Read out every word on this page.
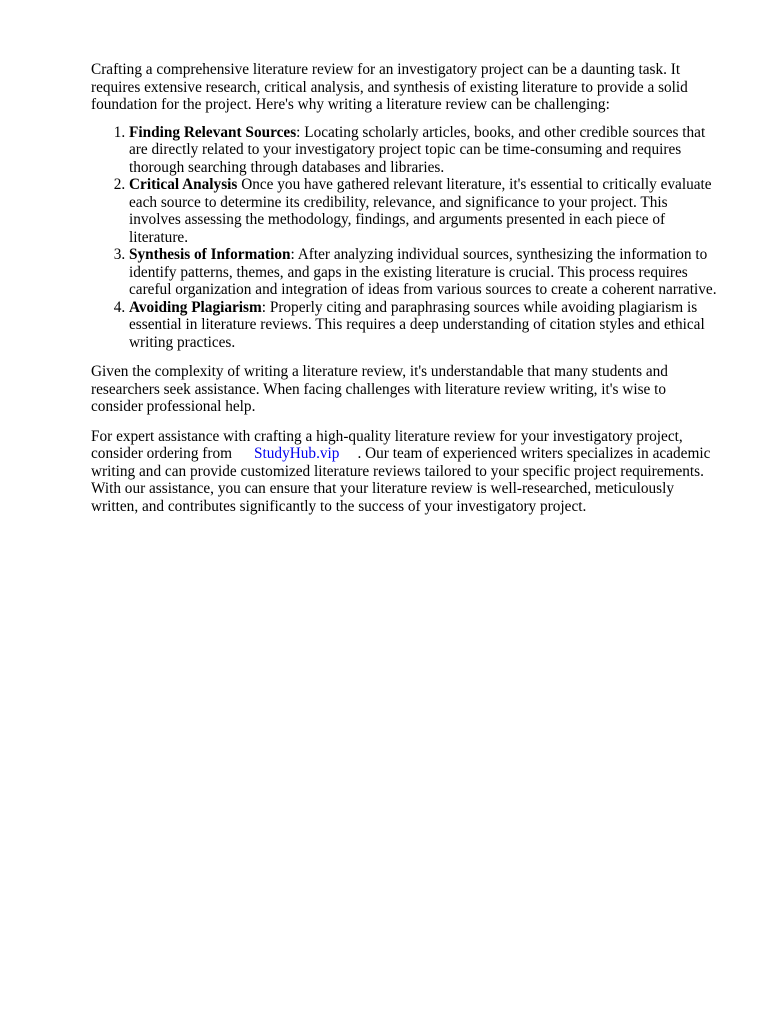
Crafting a comprehensive literature review for an investigatory project can be a daunting task. It requires extensive research, critical analysis, and synthesis of existing literature to provide a solid foundation for the project. Here's why writing a literature review can be challenging:

1. Finding Relevant Sources: Locating scholarly articles, books, and other credible sources that are directly related to your investigatory project topic can be time-consuming and requires thorough searching through databases and libraries.
2. Critical Analysis Once you have gathered relevant literature, it's essential to critically evaluate each source to determine its credibility, relevance, and significance to your project. This involves assessing the methodology, findings, and arguments presented in each piece of literature.
3. Synthesis of Information: After analyzing individual sources, synthesizing the information to identify patterns, themes, and gaps in the existing literature is crucial. This process requires careful organization and integration of ideas from various sources to create a coherent narrative.
4. Avoiding Plagiarism: Properly citing and paraphrasing sources while avoiding plagiarism is essential in literature reviews. This requires a deep understanding of citation styles and ethical writing practices.

Given the complexity of writing a literature review, it's understandable that many students and researchers seek assistance. When facing challenges with literature review writing, it's wise to consider professional help.

For expert assistance with crafting a high-quality literature review for your investigatory project, consider ordering from StudyHub.vip . Our team of experienced writers specializes in academic writing and can provide customized literature reviews tailored to your specific project requirements. With our assistance, you can ensure that your literature review is well-researched, meticulously written, and contributes significantly to the success of your investigatory project.
